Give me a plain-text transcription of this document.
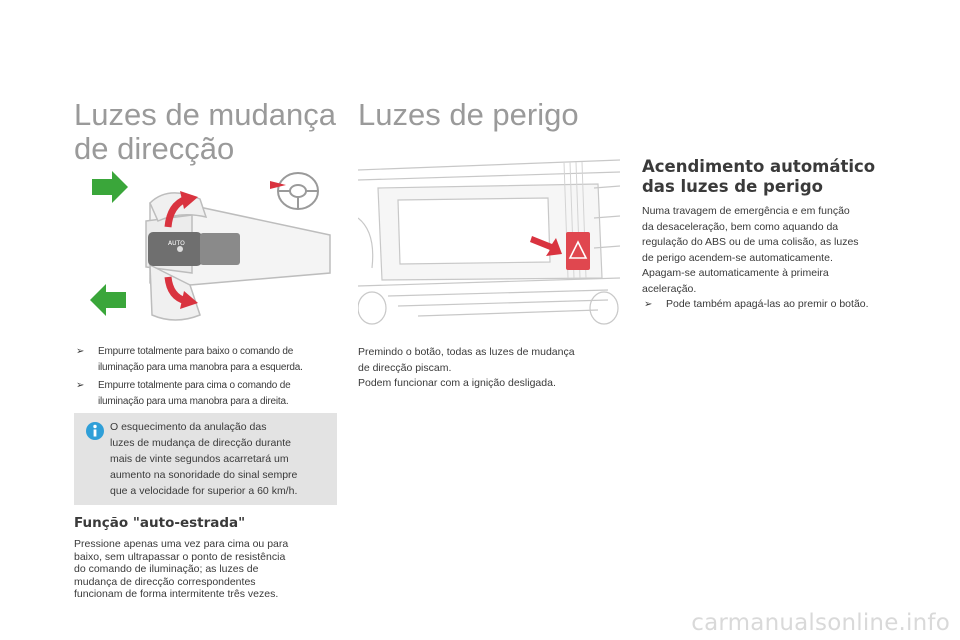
Luzes de mudança

de direcção

AUTO
➢ Empurre totalmente para baixo o comando de

iluminação para uma manobra para a esquerda.

➢ Empurre totalmente para cima o comando de

iluminação para uma manobra para a direita.

O esquecimento da anulação das

luzes de mudança de direcção durante

mais de vinte segundos acarretará um

aumento na sonoridade do sinal sempre

que a velocidade for superior a 60 km/h.

Função "auto-estrada"

Pressione apenas uma vez para cima ou para

baixo, sem ultrapassar o ponto de resistência

do comando de iluminação; as luzes de

mudança de direcção correspondentes

funcionam de forma intermitente três vezes.

Luzes de perigo

Premindo o botão, todas as luzes de mudança

de direcção piscam.

Podem funcionar com a ignição desligada.

Acendimento automático

das luzes de perigo

Numa travagem de emergência e em função

da desaceleração, bem como aquando da

regulação do ABS ou de uma colisão, as luzes

de perigo acendem-se automaticamente.

Apagam-se automaticamente à primeira

aceleração.

➢ Pode também apagá-las ao premir o botão.

carmanualsonline.info
